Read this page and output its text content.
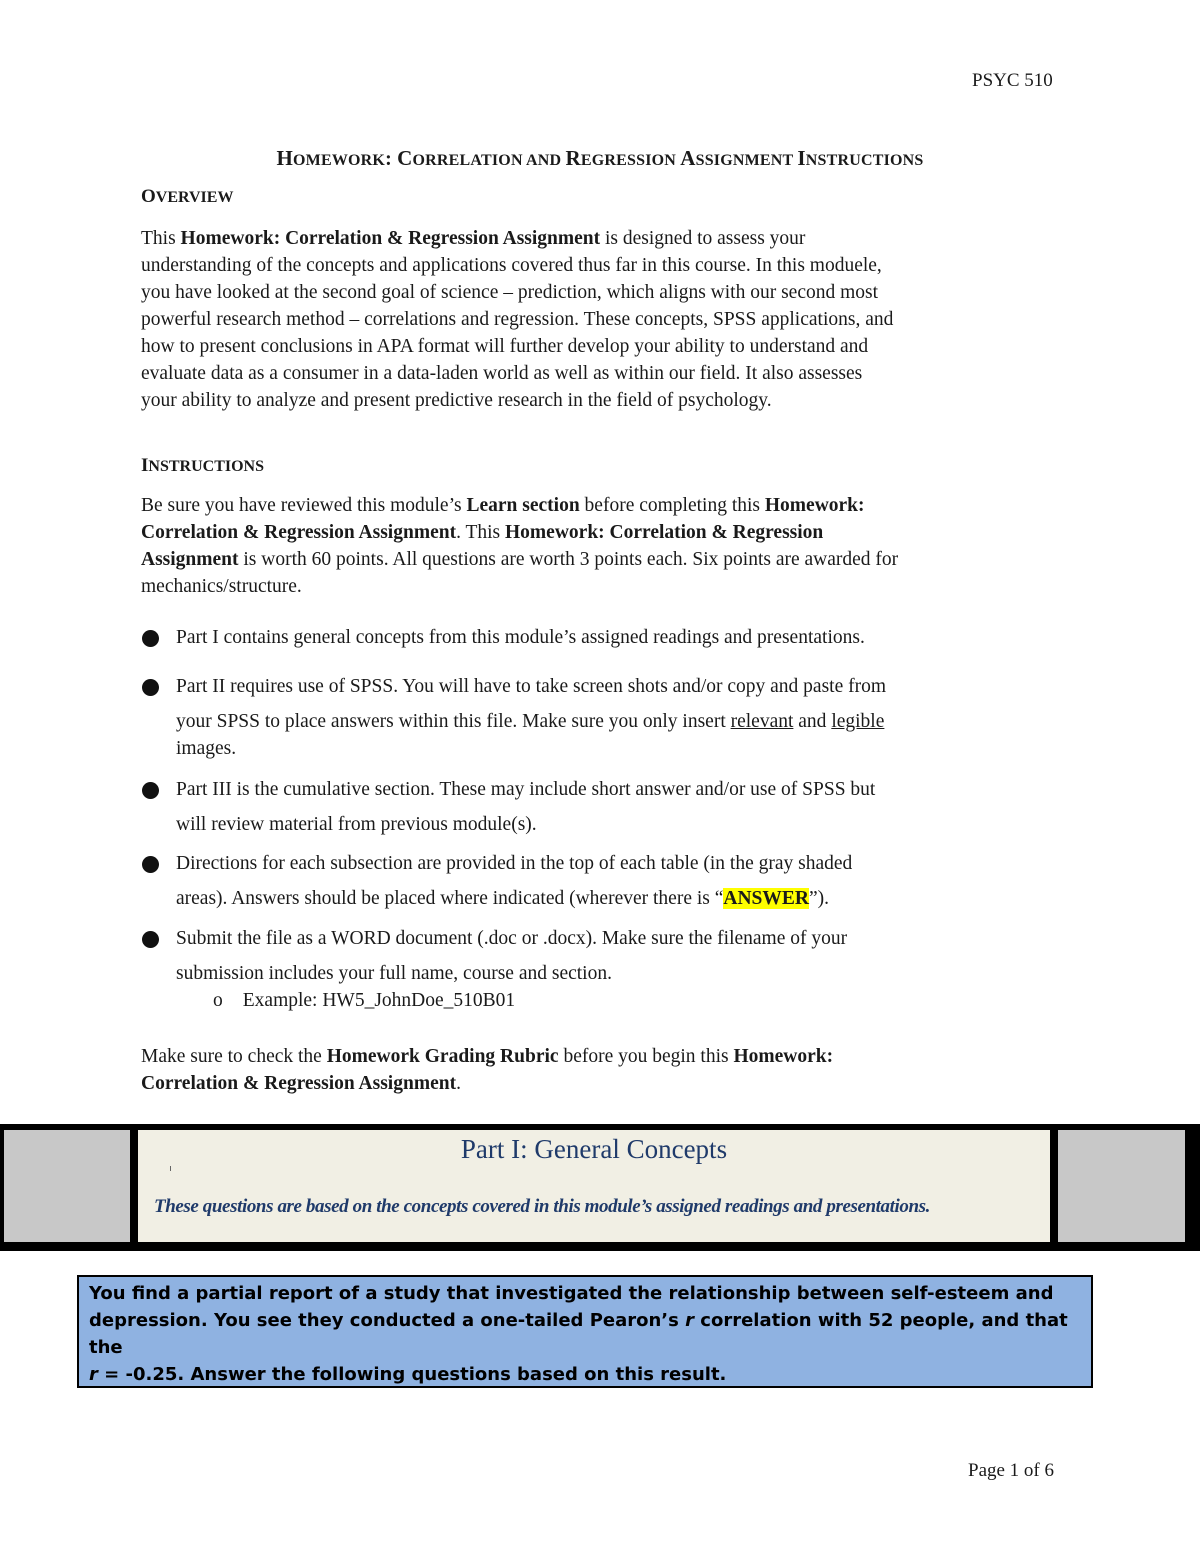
PSYC 510
HOMEWORK: CORRELATION AND REGRESSION ASSIGNMENT INSTRUCTIONS
OVERVIEW
This Homework: Correlation & Regression Assignment is designed to assess your
understanding of the concepts and applications covered thus far in this course. In this moduele,
you have looked at the second goal of science – prediction, which aligns with our second most
powerful research method – correlations and regression. These concepts, SPSS applications, and
how to present conclusions in APA format will further develop your ability to understand and
evaluate data as a consumer in a data-laden world as well as within our field. It also assesses
your ability to analyze and present predictive research in the field of psychology.
INSTRUCTIONS
Be sure you have reviewed this module’s Learn section before completing this Homework:
Correlation & Regression Assignment. This Homework: Correlation & Regression
Assignment is worth 60 points. All questions are worth 3 points each. Six points are awarded for
mechanics/structure.
Part I contains general concepts from this module’s assigned readings and presentations.
Part II requires use of SPSS. You will have to take screen shots and/or copy and paste from
your SPSS to place answers within this file. Make sure you only insert relevant and legible
images.
Part III is the cumulative section. These may include short answer and/or use of SPSS but
will review material from previous module(s).
Directions for each subsection are provided in the top of each table (in the gray shaded
areas). Answers should be placed where indicated (wherever there is “ANSWER”).
Submit the file as a WORD document (.doc or .docx). Make sure the filename of your
submission includes your full name, course and section.
o Example: HW5_JohnDoe_510B01
Make sure to check the Homework Grading Rubric before you begin this Homework:
Correlation & Regression Assignment.
Part I: General Concepts
These questions are based on the concepts covered in this module’s assigned readings and presentations.
You find a partial report of a study that investigated the relationship between self-esteem and
depression. You see they conducted a one-tailed Pearon’s r correlation with 52 people, and that the
r = -0.25. Answer the following questions based on this result.
Page 1 of 6
